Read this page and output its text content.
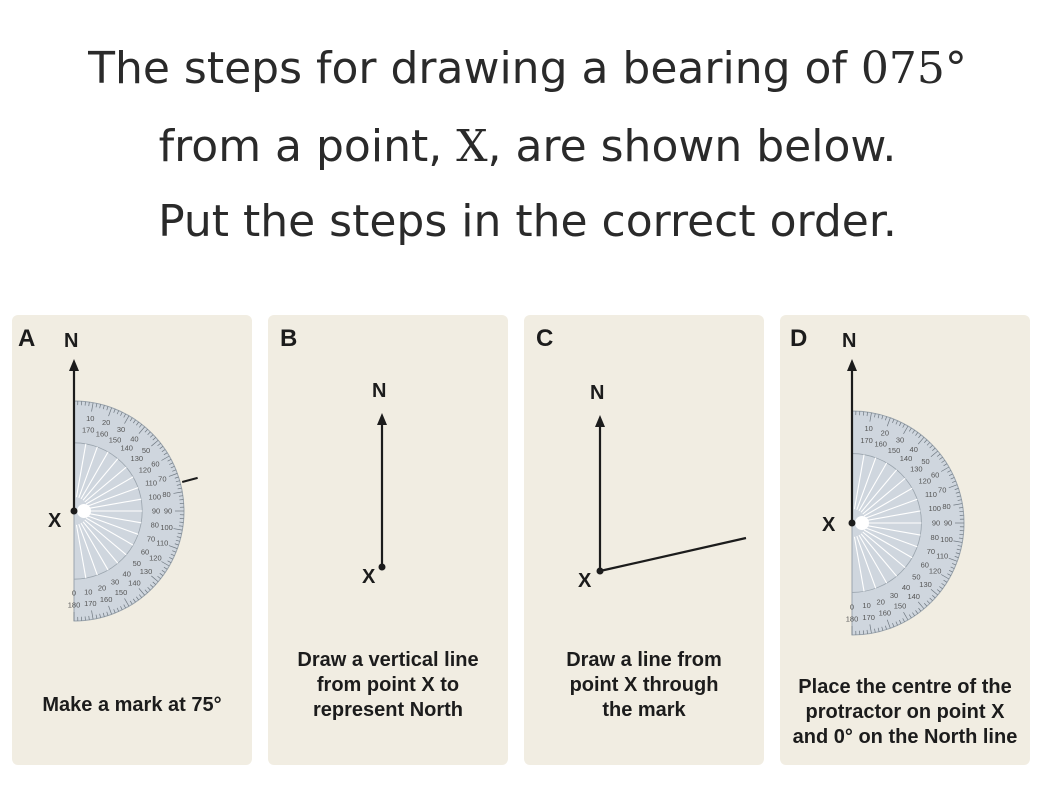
The steps for drawing a bearing of 075°
from a point, X, are shown below.
Put the steps in the correct order.
A
10 20
30
40
50
60
70
80
90
100
110
120
130
140
150
160
170
180
170 160
150
140
130
120
110
100
90
80
70
60
50
40
30
20
10
0
N
X
Make a mark at 75°
B
N
X
Draw a vertical line
from point X to
represent North
C
N
X
Draw a line from
point X through
the mark
D
10 20
30
40
50
60
70
80
90
100
110
120
130
140
150
160
170
180
170 160
150
140
130
120
110
100
90
80
70
60
50
40
30
20
10
0
N
X
Place the centre of the
protractor on point X
and 0° on the North line
